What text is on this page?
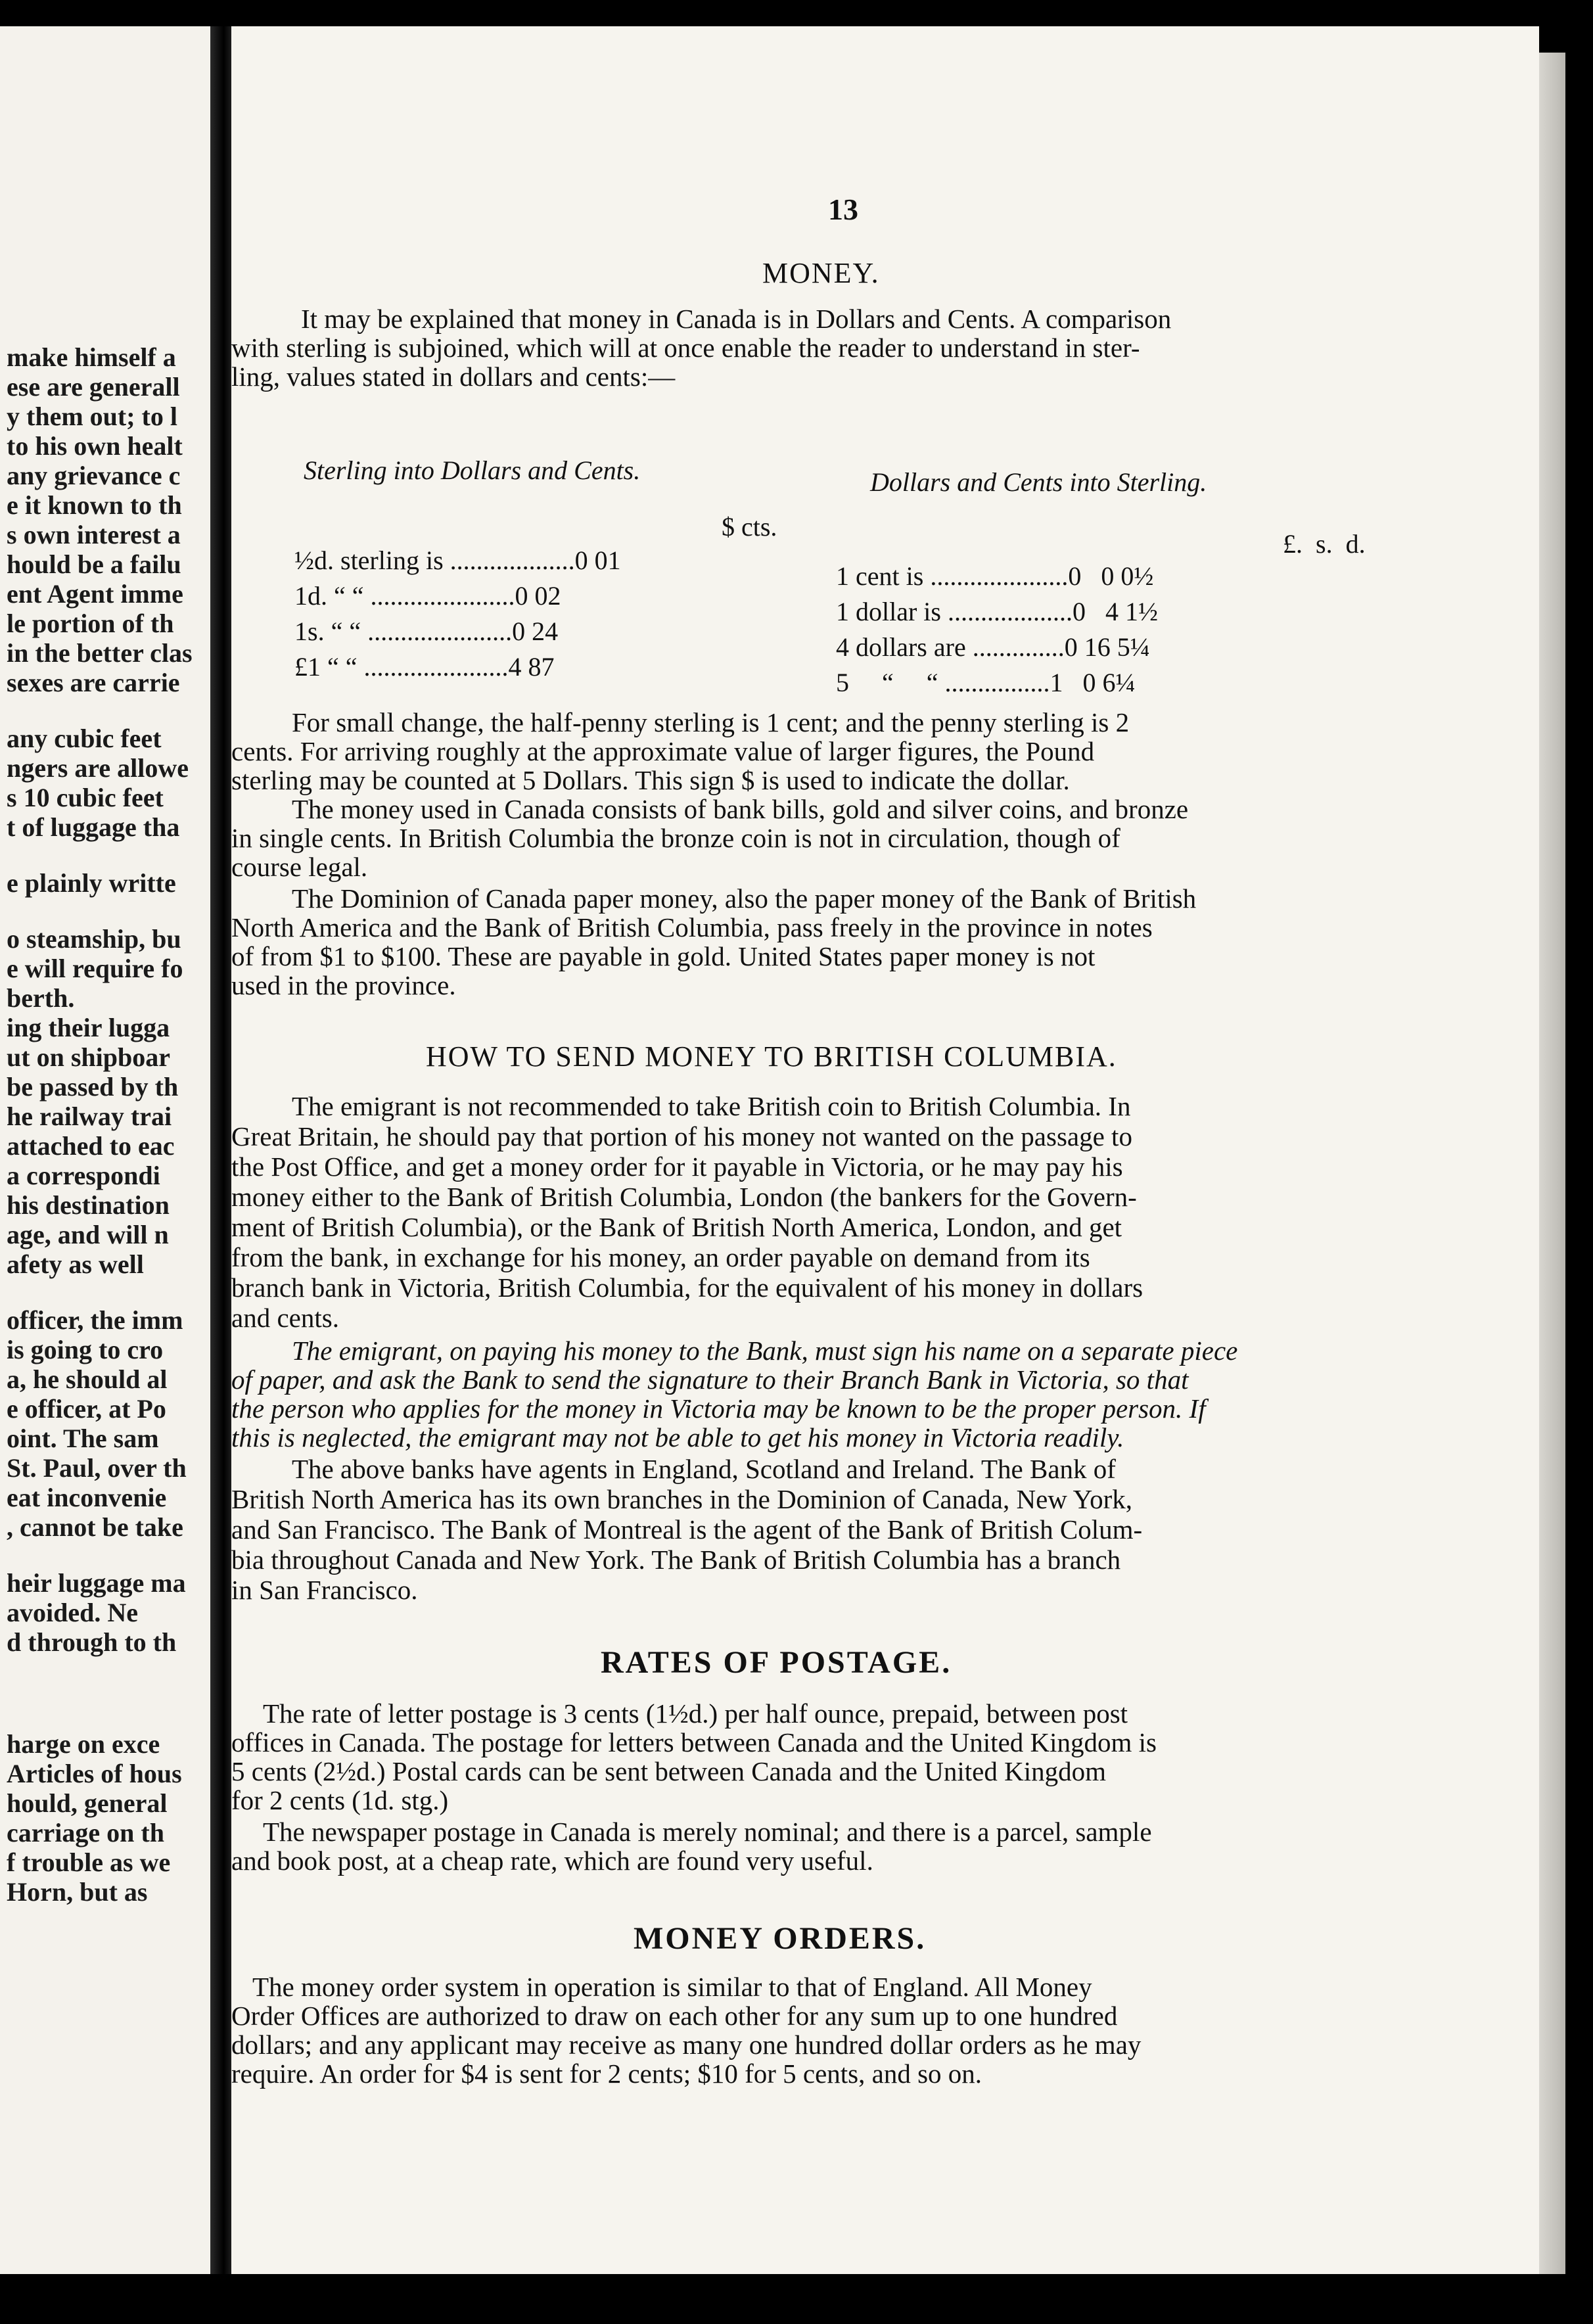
make himself a
ese are generall
y them out; to l
to his own healt
any grievance c
e it known to th
s own interest a
hould be a failu
ent Agent imme
le portion of th
in the better clas
sexes are carrie
any cubic feet
ngers are allowe
s 10 cubic feet
t of luggage tha
e plainly writte
o steamship, bu
e will require fo
berth.
ing their lugga
ut on shipboar
be passed by th
he railway trai
attached to eac
a correspondi
his destination
age, and will n
afety as well
officer, the imm
is going to cro
a, he should al
e officer, at Po
oint. The sam
St. Paul, over th
eat inconvenie
, cannot be take
heir luggage ma
avoided. Ne
d through to th
harge on exce
Articles of hous
hould, general
carriage on th
f trouble as we
Horn, but as
13
MONEY.
It may be explained that money in Canada is in Dollars and Cents. A comparison
with sterling is subjoined, which will at once enable the reader to understand in ster-
ling, values stated in dollars and cents:—
Sterling into Dollars and Cents.
$ cts.
½d. sterling is ...................0 01
1d. “ “ ......................0 02
1s. “ “ ......................0 24
£1 “ “ ......................4 87
Dollars and Cents into Sterling.
£.  s.  d.
1 cent is .....................0   0 0½
1 dollar is ...................0   4 1½
4 dollars are ..............0 16 5¼
5     “     “ ................1   0 6¼
For small change, the half-penny sterling is 1 cent; and the penny sterling is 2
cents. For arriving roughly at the approximate value of larger figures, the Pound
sterling may be counted at 5 Dollars. This sign $ is used to indicate the dollar.
The money used in Canada consists of bank bills, gold and silver coins, and bronze
in single cents. In British Columbia the bronze coin is not in circulation, though of
course legal.
The Dominion of Canada paper money, also the paper money of the Bank of British
North America and the Bank of British Columbia, pass freely in the province in notes
of from $1 to $100. These are payable in gold. United States paper money is not
used in the province.
HOW TO SEND MONEY TO BRITISH COLUMBIA.
The emigrant is not recommended to take British coin to British Columbia. In
Great Britain, he should pay that portion of his money not wanted on the passage to
the Post Office, and get a money order for it payable in Victoria, or he may pay his
money either to the Bank of British Columbia, London (the bankers for the Govern-
ment of British Columbia), or the Bank of British North America, London, and get
from the bank, in exchange for his money, an order payable on demand from its
branch bank in Victoria, British Columbia, for the equivalent of his money in dollars
and cents.
The emigrant, on paying his money to the Bank, must sign his name on a separate piece
of paper, and ask the Bank to send the signature to their Branch Bank in Victoria, so that
the person who applies for the money in Victoria may be known to be the proper person. If
this is neglected, the emigrant may not be able to get his money in Victoria readily.
The above banks have agents in England, Scotland and Ireland. The Bank of
British North America has its own branches in the Dominion of Canada, New York,
and San Francisco. The Bank of Montreal is the agent of the Bank of British Colum-
bia throughout Canada and New York. The Bank of British Columbia has a branch
in San Francisco.
RATES OF POSTAGE.
The rate of letter postage is 3 cents (1½d.) per half ounce, prepaid, between post
offices in Canada. The postage for letters between Canada and the United Kingdom is
5 cents (2½d.) Postal cards can be sent between Canada and the United Kingdom
for 2 cents (1d. stg.)
The newspaper postage in Canada is merely nominal; and there is a parcel, sample
and book post, at a cheap rate, which are found very useful.
MONEY ORDERS.
The money order system in operation is similar to that of England. All Money
Order Offices are authorized to draw on each other for any sum up to one hundred
dollars; and any applicant may receive as many one hundred dollar orders as he may
require. An order for $4 is sent for 2 cents; $10 for 5 cents, and so on.
